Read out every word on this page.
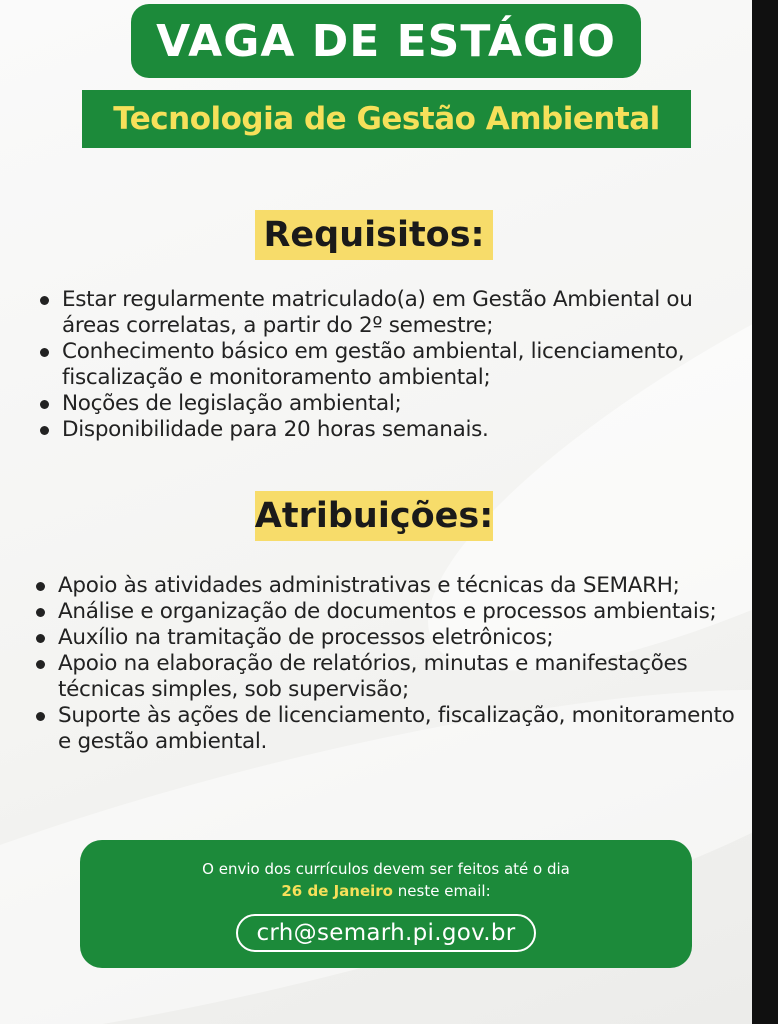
VAGA DE ESTÁGIO
Tecnologia de Gestão Ambiental
Requisitos:
Estar regularmente matriculado(a) em Gestão Ambiental ou áreas correlatas, a partir do 2º semestre;
Conhecimento básico em gestão ambiental, licenciamento, fiscalização e monitoramento ambiental;
Noções de legislação ambiental;
Disponibilidade para 20 horas semanais.
Atribuições:
Apoio às atividades administrativas e técnicas da SEMARH;
Análise e organização de documentos e processos ambientais;
Auxílio na tramitação de processos eletrônicos;
Apoio na elaboração de relatórios, minutas e manifestações técnicas simples, sob supervisão;
Suporte às ações de licenciamento, fiscalização, monitoramento e gestão ambiental.
O envio dos currículos devem ser feitos até o dia
26 de Janeiro neste email:
crh@semarh.pi.gov.br
